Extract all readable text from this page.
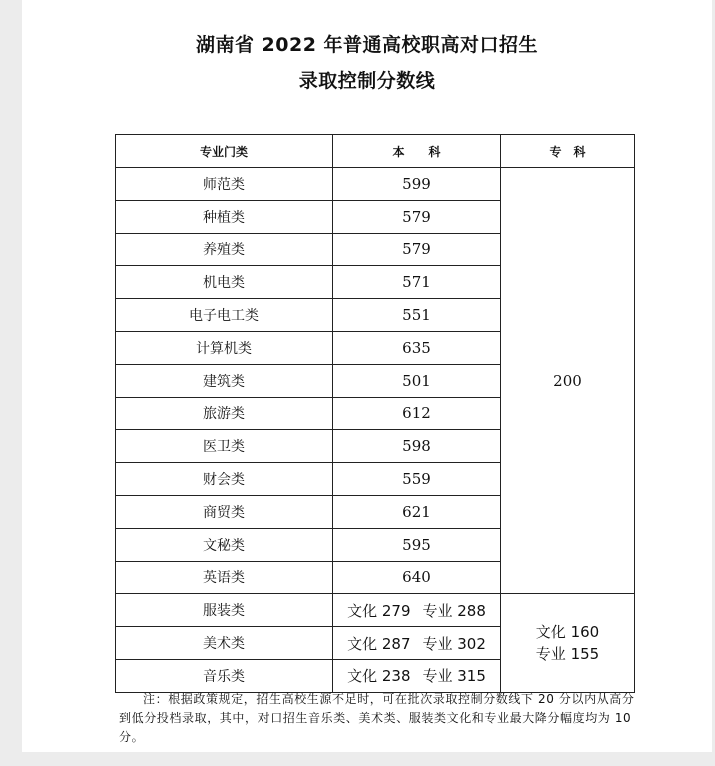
湖南省 2022 年普通高校职高对口招生
录取控制分数线
专业门类	本　　科	专　科
师范类	599	200
种植类	579	
养殖类	579	
机电类	571	
电子电工类	551	
计算机类	635	
建筑类	501	
旅游类	612	
医卫类	598	
财会类	559	
商贸类	621	
文秘类	595	
英语类	640	
服装类	文化 279 专业 288	文化 160
专业 155

美术类	文化 287 专业 302	
音乐类	文化 238 专业 315	
注：根据政策规定，招生高校生源不足时，可在批次录取控制分数线下 20 分以内从高分到低分投档录取，其中，对口招生音乐类、美术类、服装类文化和专业最大降分幅度均为 10 分。
